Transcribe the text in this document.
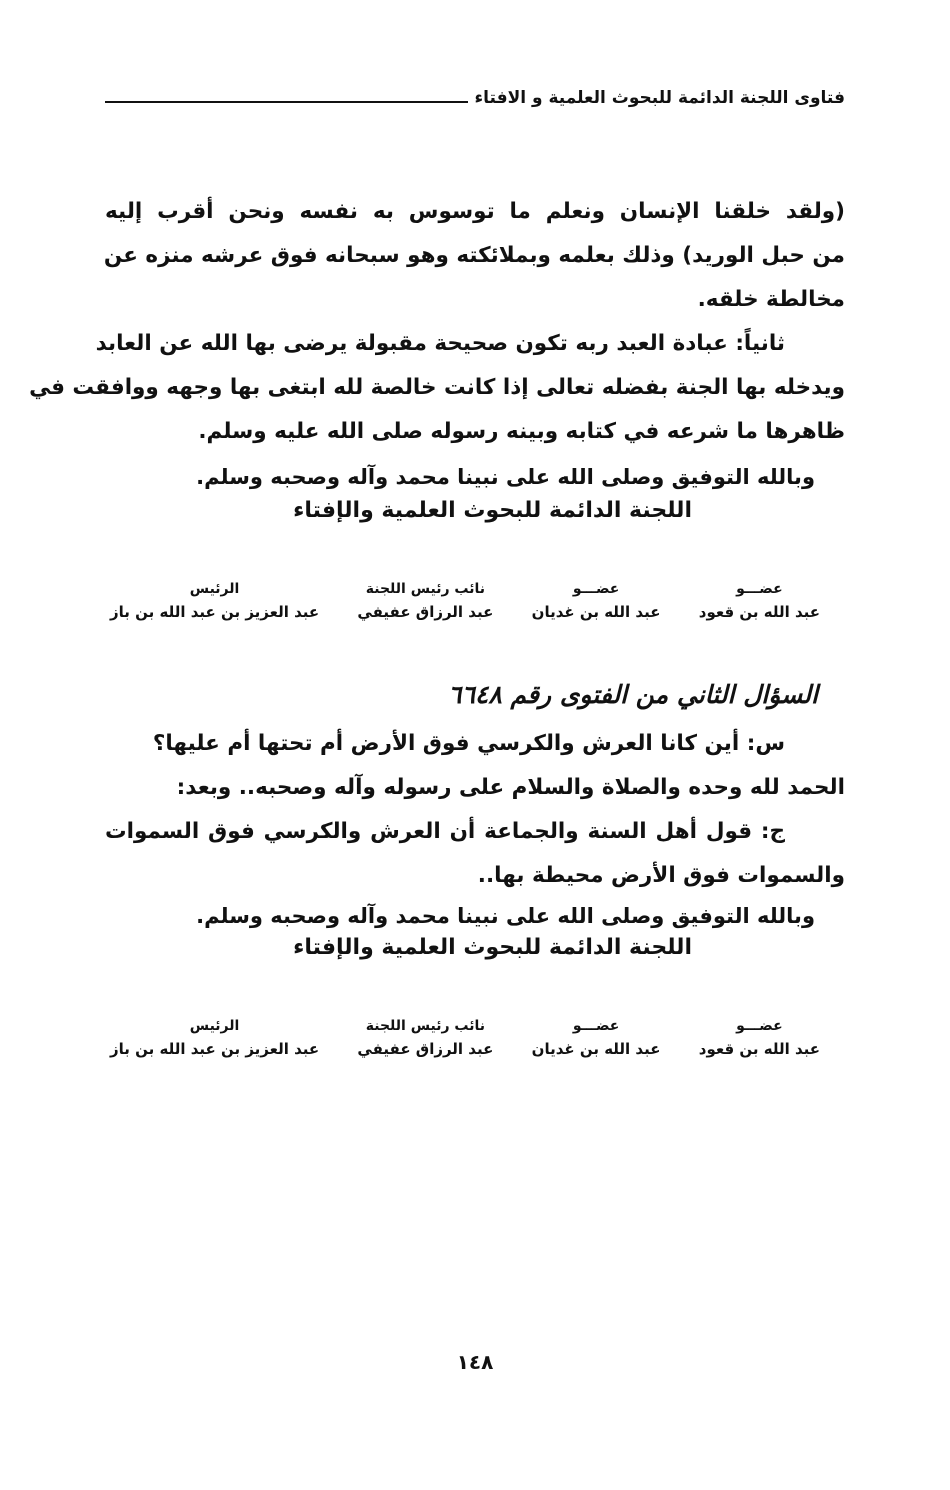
فتاوى اللجنة الدائمة للبحوث العلمية و الافتاء
(ولقد خلقنا الإنسان ونعلم ما توسوس به نفسه ونحن أقرب إليه
من حبل الوريد) وذلك بعلمه وبملائكته وهو سبحانه فوق عرشه منزه عن
مخالطة خلقه.
ثانياً: عبادة العبد ربه تكون صحيحة مقبولة يرضى بها الله عن العابد
ويدخله بها الجنة بفضله تعالى إذا كانت خالصة لله ابتغى بها وجهه ووافقت في
ظاهرها ما شرعه في كتابه وبينه رسوله صلى الله عليه وسلم.
وبالله التوفيق وصلى الله على نبينا محمد وآله وصحبه وسلم.
اللجنة الدائمة للبحوث العلمية والإفتاء
عضـــو
عبد الله بن قعود
عضـــو
عبد الله بن غديان
نائب رئيس اللجنة
عبد الرزاق عفيفي
الرئيس
عبد العزيز بن عبد الله بن باز
السؤال الثاني من الفتوى رقم ٦٦٤٨
س: أين كانا العرش والكرسي فوق الأرض أم تحتها أم عليها؟
الحمد لله وحده والصلاة والسلام على رسوله وآله وصحبه.. وبعد:
ج: قول أهل السنة والجماعة أن العرش والكرسي فوق السموات
والسموات فوق الأرض محيطة بها..
وبالله التوفيق وصلى الله على نبينا محمد وآله وصحبه وسلم.
اللجنة الدائمة للبحوث العلمية والإفتاء
عضـــو
عبد الله بن قعود
عضـــو
عبد الله بن غديان
نائب رئيس اللجنة
عبد الرزاق عفيفي
الرئيس
عبد العزيز بن عبد الله بن باز
١٤٨
